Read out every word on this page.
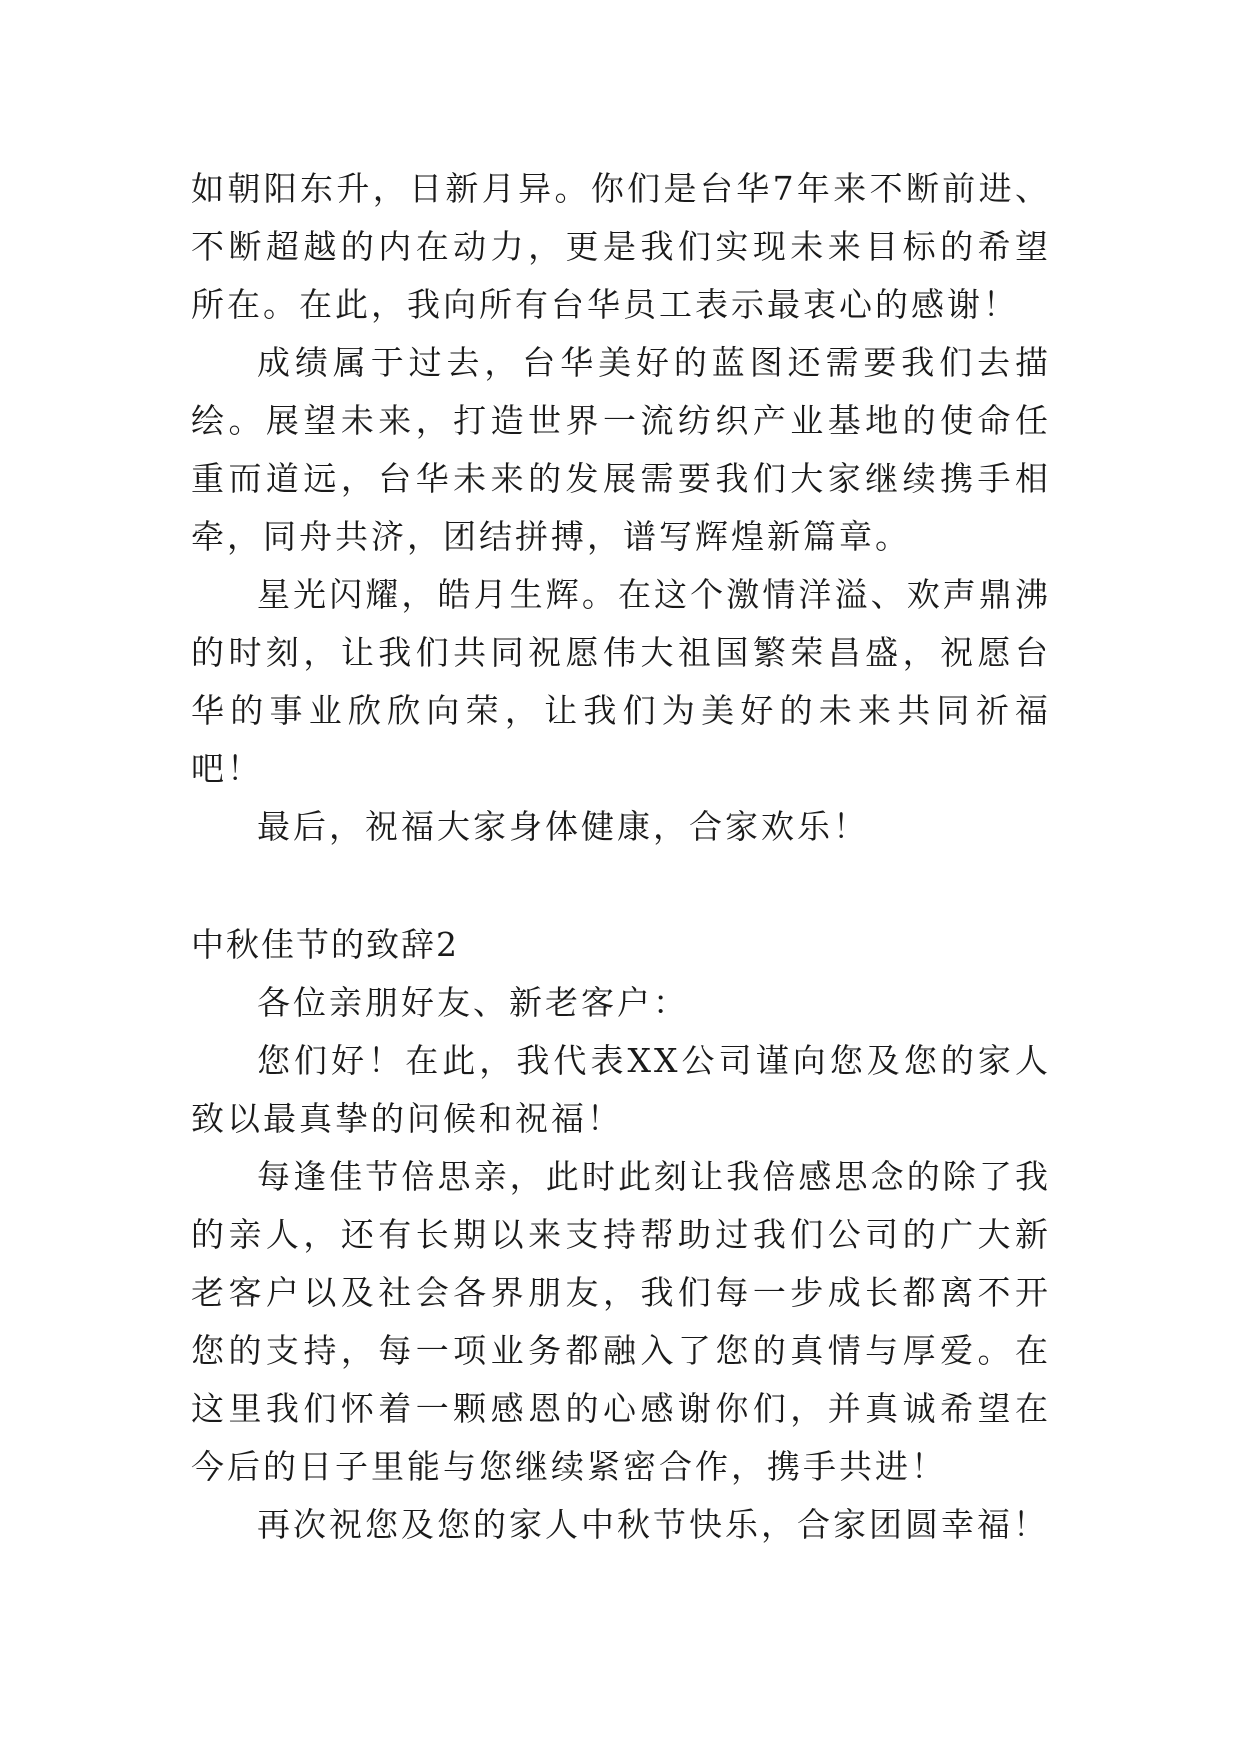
如朝阳东升，日新月异。你们是台华7年来不断前进、不断超越的内在动力，更是我们实现未来目标的希望所在。在此，我向所有台华员工表示最衷心的感谢！

成绩属于过去，台华美好的蓝图还需要我们去描绘。展望未来，打造世界一流纺织产业基地的使命任重而道远，台华未来的发展需要我们大家继续携手相牵，同舟共济，团结拼搏，谱写辉煌新篇章。

星光闪耀，皓月生辉。在这个激情洋溢、欢声鼎沸的时刻，让我们共同祝愿伟大祖国繁荣昌盛，祝愿台华的事业欣欣向荣，让我们为美好的未来共同祈福吧！

最后，祝福大家身体健康，合家欢乐！

中秋佳节的致辞2

各位亲朋好友、新老客户：

您们好！在此，我代表XX公司谨向您及您的家人致以最真挚的问候和祝福！

每逢佳节倍思亲，此时此刻让我倍感思念的除了我的亲人，还有长期以来支持帮助过我们公司的广大新老客户以及社会各界朋友，我们每一步成长都离不开您的支持，每一项业务都融入了您的真情与厚爱。在这里我们怀着一颗感恩的心感谢你们，并真诚希望在今后的日子里能与您继续紧密合作，携手共进！

再次祝您及您的家人中秋节快乐，合家团圆幸福！
